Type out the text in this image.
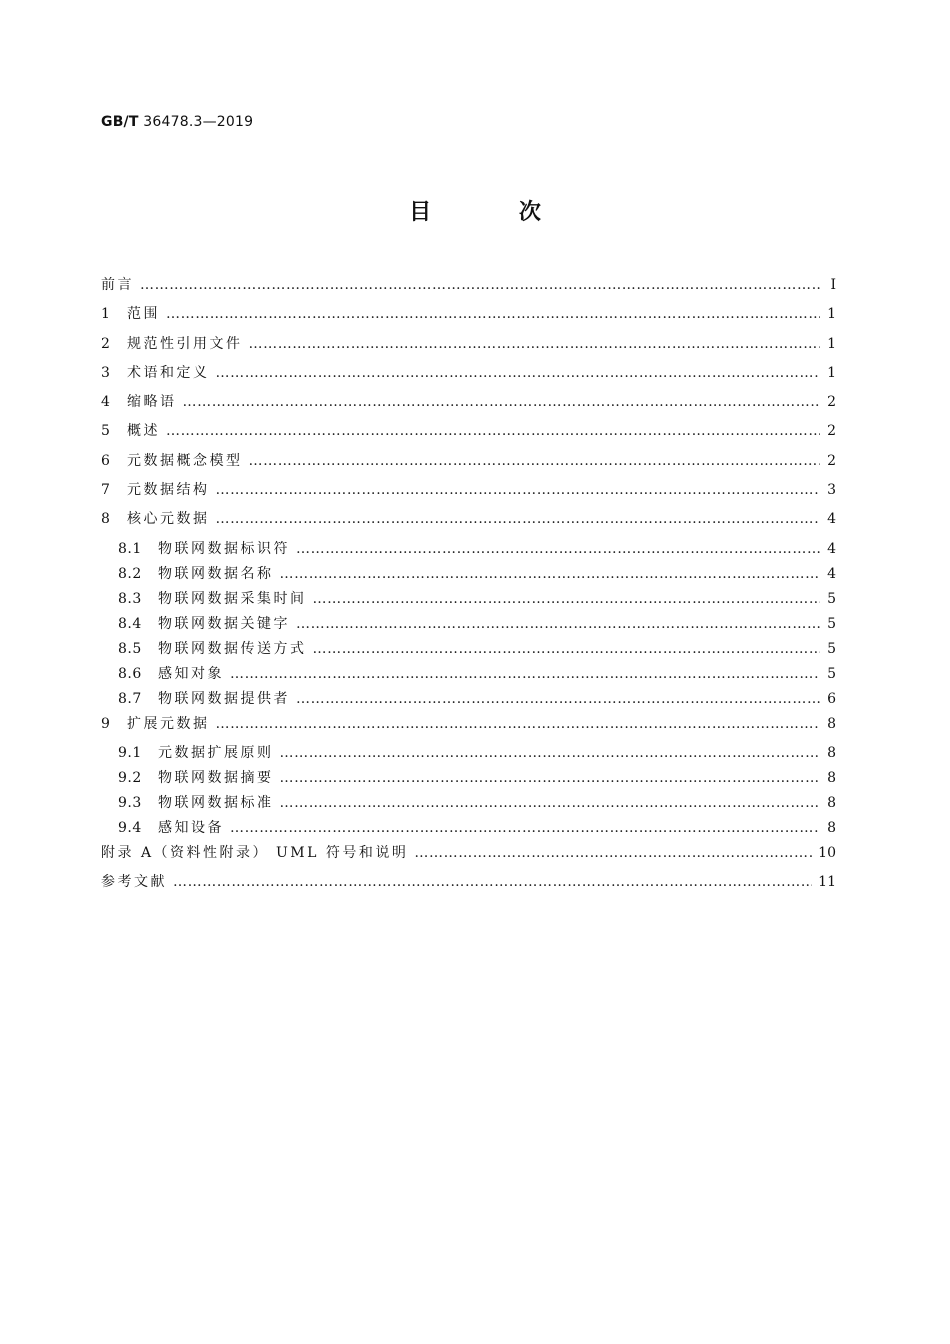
GB/T 36478.3—2019
目 次
前言 ……………………………………………………………………………………………………………………………………………………………………………………………………………………	Ⅰ
1	范围 ……………………………………………………………………………………………………………………………………………………………………………………………………………………	1
2	规范性引用文件 ……………………………………………………………………………………………………………………………………………………………………………………………………………………	1
3	术语和定义 ……………………………………………………………………………………………………………………………………………………………………………………………………………………	1
4	缩略语 ……………………………………………………………………………………………………………………………………………………………………………………………………………………	2
5	概述 ……………………………………………………………………………………………………………………………………………………………………………………………………………………	2
6	元数据概念模型 ……………………………………………………………………………………………………………………………………………………………………………………………………………………	2
7	元数据结构 ……………………………………………………………………………………………………………………………………………………………………………………………………………………	3
8	核心元数据 ……………………………………………………………………………………………………………………………………………………………………………………………………………………	4
8.1	物联网数据标识符 ……………………………………………………………………………………………………………………………………………………………………………………………………………………	4
8.2	物联网数据名称 ……………………………………………………………………………………………………………………………………………………………………………………………………………………	4
8.3	物联网数据采集时间 ……………………………………………………………………………………………………………………………………………………………………………………………………………………	5
8.4	物联网数据关键字 ……………………………………………………………………………………………………………………………………………………………………………………………………………………	5
8.5	物联网数据传送方式 ……………………………………………………………………………………………………………………………………………………………………………………………………………………	5
8.6	感知对象 ……………………………………………………………………………………………………………………………………………………………………………………………………………………	5
8.7	物联网数据提供者 ……………………………………………………………………………………………………………………………………………………………………………………………………………………	6
9	扩展元数据 ……………………………………………………………………………………………………………………………………………………………………………………………………………………	8
9.1	元数据扩展原则 ……………………………………………………………………………………………………………………………………………………………………………………………………………………	8
9.2	物联网数据摘要 ……………………………………………………………………………………………………………………………………………………………………………………………………………………	8
9.3	物联网数据标准 ……………………………………………………………………………………………………………………………………………………………………………………………………………………	8
9.4	感知设备 ……………………………………………………………………………………………………………………………………………………………………………………………………………………	8
附录 A（资料性附录） UML 符号和说明 ……………………………………………………………………………………………………………………………………………………………………………………………………………………	10
参考文献 ……………………………………………………………………………………………………………………………………………………………………………………………………………………	11
